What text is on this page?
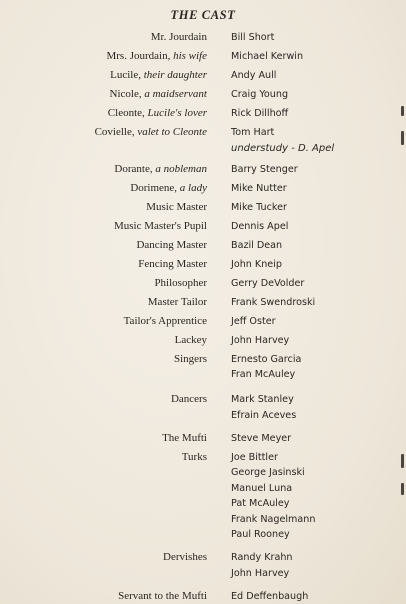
THE CAST
Mr. Jourdain	Bill Short
Mrs. Jourdain, his wife	Michael Kerwin
Lucile, their daughter	Andy Aull
Nicole, a maidservant	Craig Young
Cleonte, Lucile's lover	Rick Dillhoff
Covielle, valet to Cleonte	Tom Hart
understudy - D. Apel
Dorante, a nobleman	Barry Stenger
Dorimene, a lady	Mike Nutter
Music Master	Mike Tucker
Music Master's Pupil	Dennis Apel
Dancing Master	Bazil Dean
Fencing Master	John Kneip
Philosopher	Gerry DeVolder
Master Tailor	Frank Swendroski
Tailor's Apprentice	Jeff Oster
Lackey	John Harvey
Singers	Ernesto Garcia
Fran McAuley
Dancers	Mark Stanley
Efrain Aceves
The Mufti	Steve Meyer
Turks	Joe Bittler
George Jasinski
Manuel Luna
Pat McAuley
Frank Nagelmann
Paul Rooney
Dervishes	Randy Krahn
John Harvey
Servant to the Mufti	Ed Deffenbaugh
